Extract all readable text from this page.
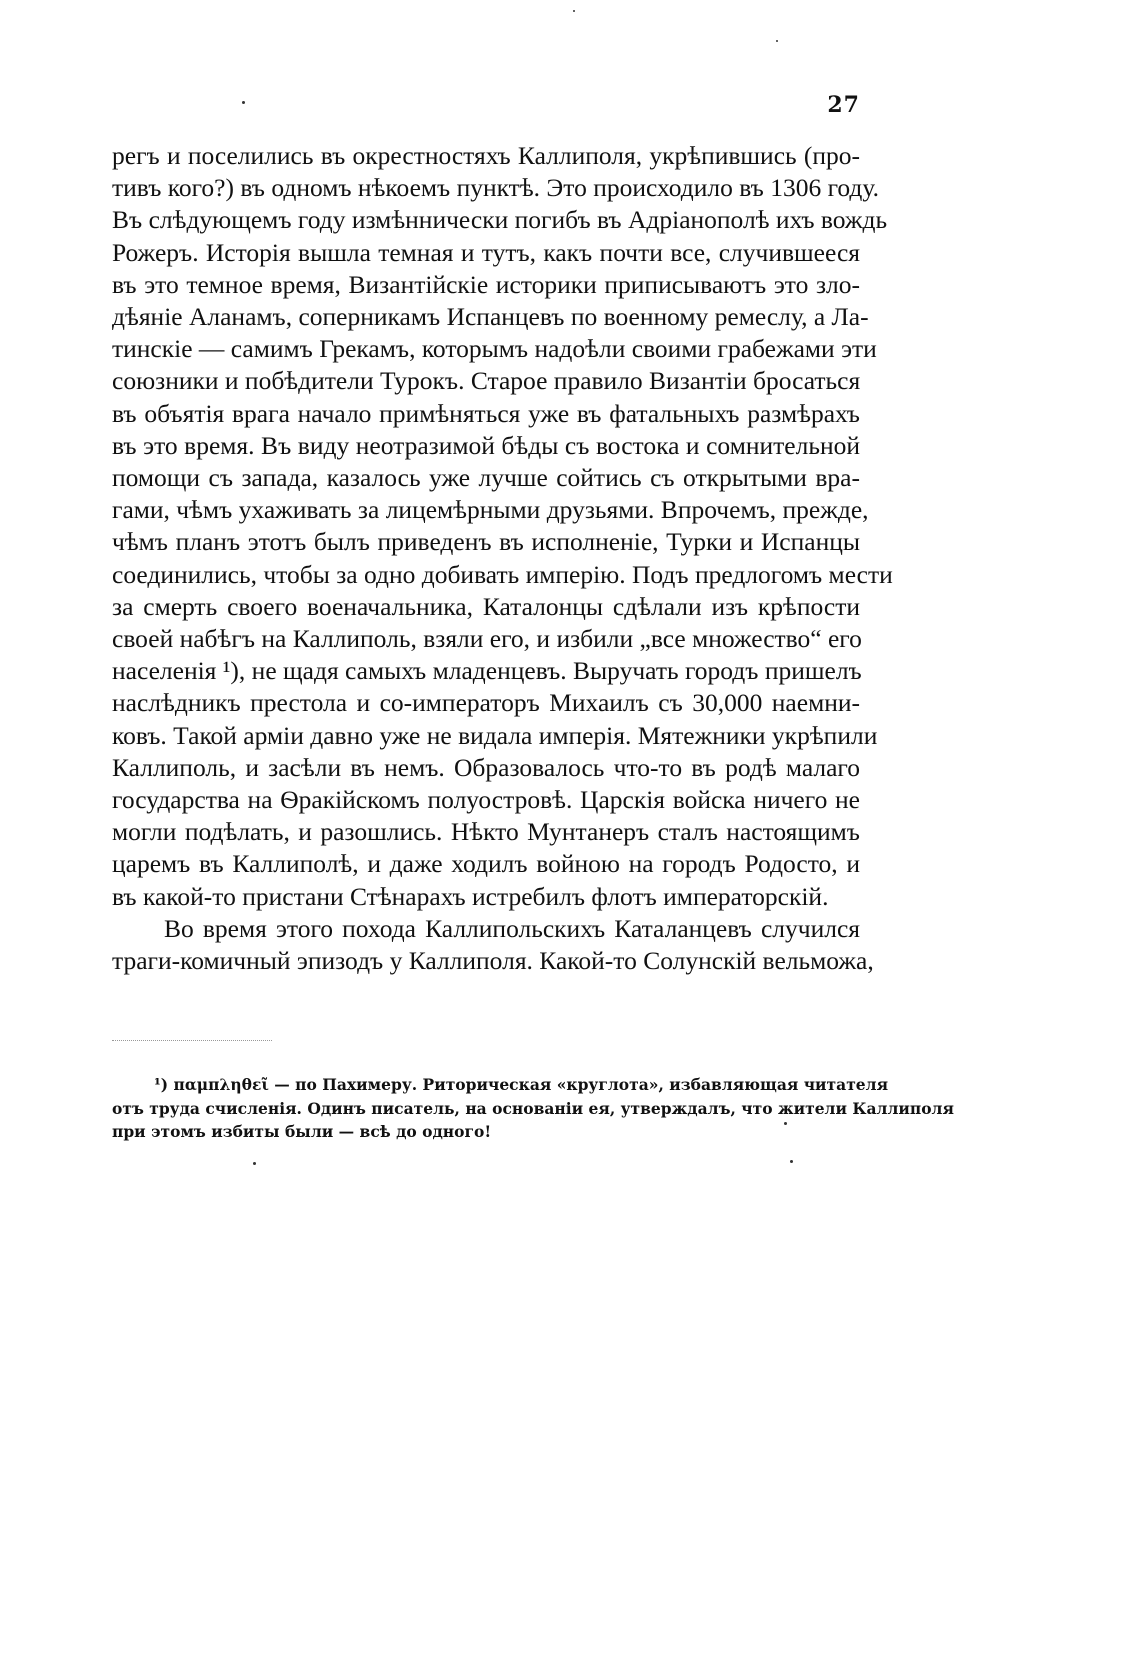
27

регъ и поселились въ окрестностяхъ Каллиполя, укрѣпившись (про-
тивъ кого?) въ одномъ нѣкоемъ пунктѣ. Это происходило въ 1306 году.
Въ слѣдующемъ году измѣннически погибъ въ Адріанополѣ ихъ вождь
Рожеръ. Исторія вышла темная и тутъ, какъ почти все, случившееся
въ это темное время, Византійскіе историки приписываютъ это зло-
дѣяніе Аланамъ, соперникамъ Испанцевъ по военному ремеслу, а Ла-
тинскіе — самимъ Грекамъ, которымъ надоѣли своими грабежами эти
союзники и побѣдители Турокъ. Старое правило Византіи бросаться
въ объятія врага начало примѣняться уже въ фатальныхъ размѣрахъ
въ это время. Въ виду неотразимой бѣды съ востока и сомнительной
помощи съ запада, казалось уже лучше сойтись съ открытыми вра-
гами, чѣмъ ухаживать за лицемѣрными друзьями. Впрочемъ, прежде,
чѣмъ планъ этотъ былъ приведенъ въ исполненіе, Турки и Испанцы
соединились, чтобы за одно добивать имперію. Подъ предлогомъ мести
за смерть своего военачальника, Каталонцы сдѣлали изъ крѣпости
своей набѣгъ на Каллиполь, взяли его, и избили „все множество“ его
населенія ¹), не щадя самыхъ младенцевъ. Выручать городъ пришелъ
наслѣдникъ престола и со-императоръ Михаилъ съ 30,000 наемни-
ковъ. Такой арміи давно уже не видала имперія. Мятежники укрѣпили
Каллиполь, и засѣли въ немъ. Образовалось что-то въ родѣ малаго
государства на Ѳракійскомъ полуостровѣ. Царскія войска ничего не
могли подѣлать, и разошлись. Нѣкто Мунтанеръ сталъ настоящимъ
царемъ въ Каллиполѣ, и даже ходилъ войною на городъ Родосто, и
въ какой-то пристани Стѣнарахъ истребилъ флотъ императорскій.

Во время этого похода Каллипольскихъ Каталанцевъ случился
траги-комичный эпизодъ у Каллиполя. Какой-то Солунскій вельможа,

¹) παμπληθεῖ — по Пахимеру. Риторическая «круглота», избавляющая читателя
отъ труда счисленія. Одинъ писатель, на основаніи ея, утверждалъ, что жители Каллиполя
при этомъ избиты были — всѣ до одного!
